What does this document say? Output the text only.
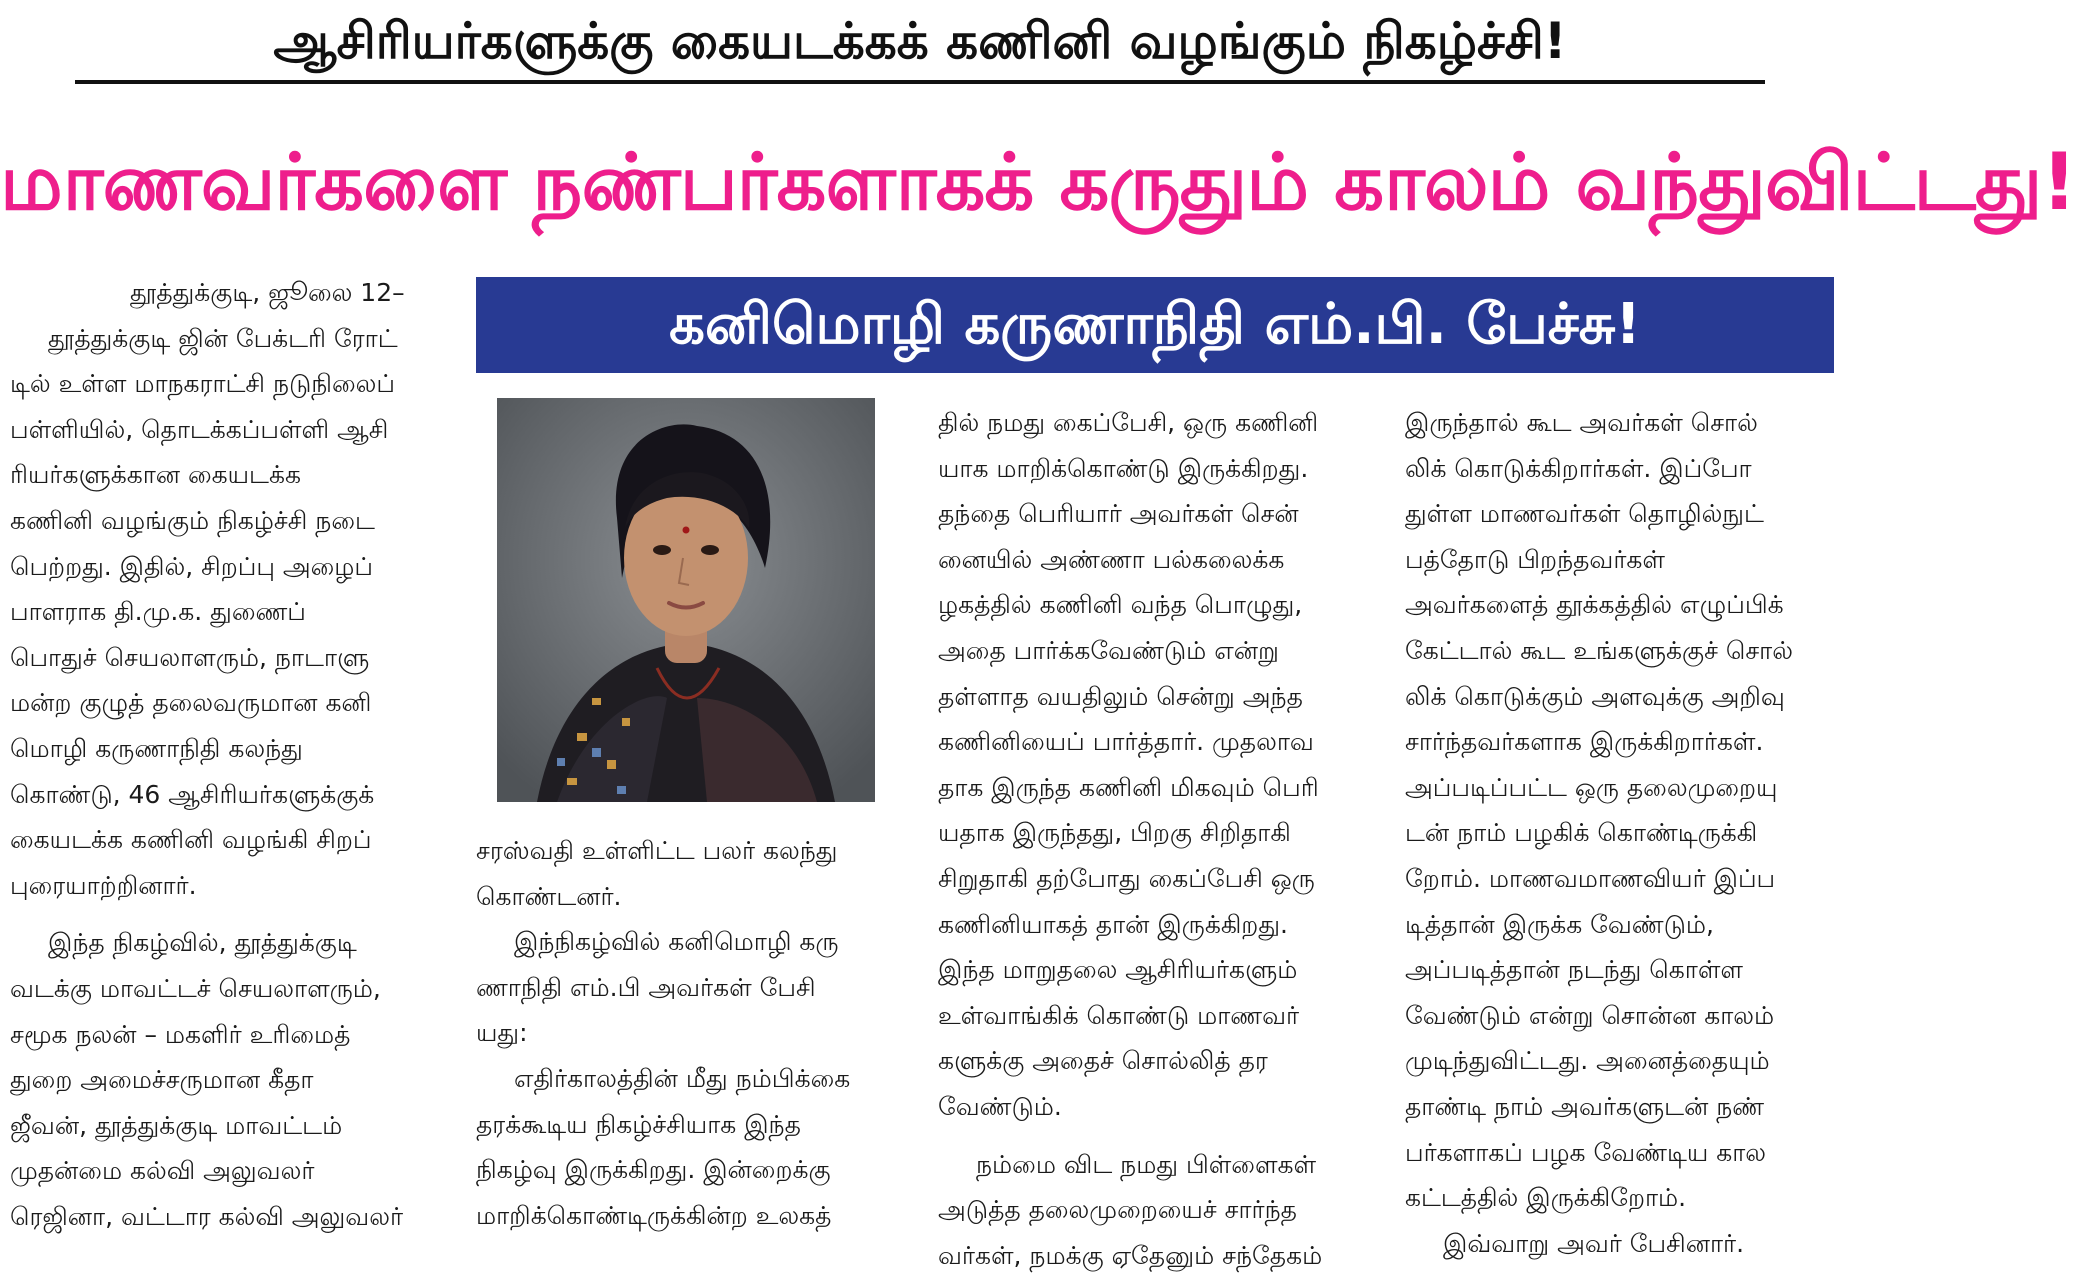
ஆசிரியர்களுக்கு கையடக்கக் கணினி வழங்கும் நிகழ்ச்சி!
மாணவர்களை நண்பர்களாகக் கருதும் காலம் வந்துவிட்டது!
கனிமொழி கருணாநிதி எம்.பி. பேச்சு!
தூத்துக்குடி, ஜூலை 12–
தூத்துக்குடி ஜின் பேக்டரி ரோட்
டில் உள்ள மாநகராட்சி நடுநிலைப்
பள்ளியில், தொடக்கப்பள்ளி ஆசி
ரியர்களுக்கான கையடக்க
கணினி வழங்கும் நிகழ்ச்சி நடை
பெற்றது. இதில், சிறப்பு அழைப்
பாளராக தி.மு.க. துணைப்
பொதுச் செயலாளரும், நாடாளு
மன்ற குழுத் தலைவருமான கனி
மொழி கருணாநிதி கலந்து
கொண்டு, 46 ஆசிரியர்களுக்குக்
கையடக்க கணினி வழங்கி சிறப்
புரையாற்றினார்.
இந்த நிகழ்வில், தூத்துக்குடி
வடக்கு மாவட்டச் செயலாளரும்,
சமூக நலன் – மகளிர் உரிமைத்
துறை அமைச்சருமான கீதா
ஜீவன், தூத்துக்குடி மாவட்டம்
முதன்மை கல்வி அலுவலர்
ரெஜினா, வட்டார கல்வி அலுவலர்
சரஸ்வதி உள்ளிட்ட பலர் கலந்து
கொண்டனர்.
இந்நிகழ்வில் கனிமொழி கரு
ணாநிதி எம்.பி அவர்கள் பேசி
யது:
எதிர்காலத்தின் மீது நம்பிக்கை
தரக்கூடிய நிகழ்ச்சியாக இந்த
நிகழ்வு இருக்கிறது. இன்றைக்கு
மாறிக்கொண்டிருக்கின்ற உலகத்
தில் நமது கைப்பேசி, ஒரு கணினி
யாக மாறிக்கொண்டு இருக்கிறது.
தந்தை பெரியார் அவர்கள் சென்
னையில் அண்ணா பல்கலைக்க
ழகத்தில் கணினி வந்த பொழுது,
அதை பார்க்கவேண்டும் என்று
தள்ளாத வயதிலும் சென்று அந்த
கணினியைப் பார்த்தார். முதலாவ
தாக இருந்த கணினி மிகவும் பெரி
யதாக இருந்தது, பிறகு சிறிதாகி
சிறுதாகி தற்போது கைப்பேசி ஒரு
கணினியாகத் தான் இருக்கிறது.
இந்த மாறுதலை ஆசிரியர்களும்
உள்வாங்கிக் கொண்டு மாணவர்
களுக்கு அதைச் சொல்லித் தர
வேண்டும்.
நம்மை விட நமது பிள்ளைகள்
அடுத்த தலைமுறையைச் சார்ந்த
வர்கள், நமக்கு ஏதேனும் சந்தேகம்
இருந்தால் கூட அவர்கள் சொல்
லிக் கொடுக்கிறார்கள். இப்போ
துள்ள மாணவர்கள் தொழில்நுட்
பத்தோடு பிறந்தவர்கள்
அவர்களைத் தூக்கத்தில் எழுப்பிக்
கேட்டால் கூட உங்களுக்குச் சொல்
லிக் கொடுக்கும் அளவுக்கு அறிவு
சார்ந்தவர்களாக இருக்கிறார்கள்.
அப்படிப்பட்ட ஒரு தலைமுறையு
டன் நாம் பழகிக் கொண்டிருக்கி
றோம். மாணவமாணவியர் இப்ப
டித்தான் இருக்க வேண்டும்,
அப்படித்தான் நடந்து கொள்ள
வேண்டும் என்று சொன்ன காலம்
முடிந்துவிட்டது. அனைத்தையும்
தாண்டி நாம் அவர்களுடன் நண்
பர்களாகப் பழக வேண்டிய கால
கட்டத்தில் இருக்கிறோம்.
இவ்வாறு அவர் பேசினார்.
